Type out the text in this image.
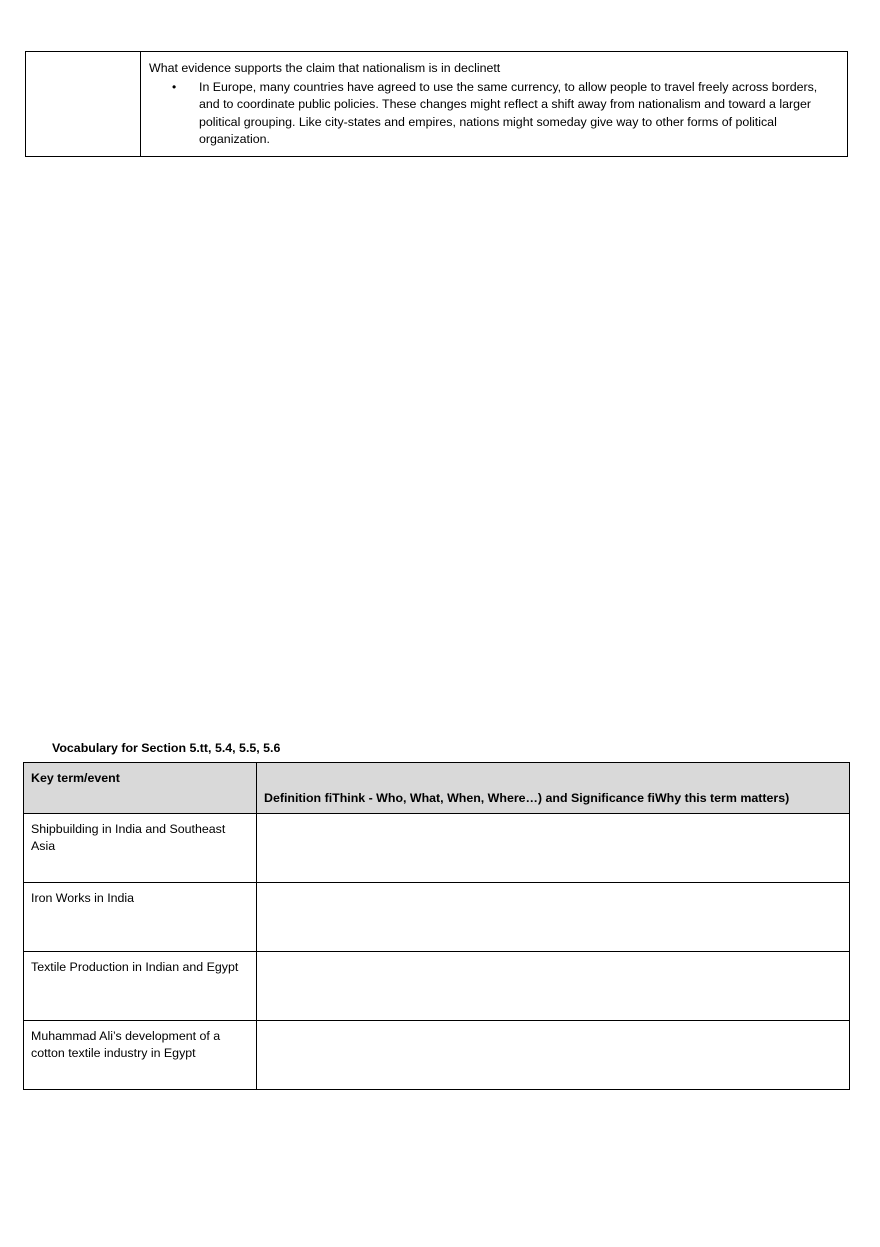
What evidence supports the claim that nationalism is in declinett

•	In Europe, many countries have agreed to use the same currency, to allow people to travel freely across borders, and to coordinate public policies. These changes might reflect a shift away from nationalism and toward a larger political grouping. Like city-states and empires, nations might someday give way to other forms of political organization.
Vocabulary for Section 5.tt, 5.4, 5.5, 5.6
Key term/event	Definition fiThink - Who, What, When, Where…) and Significance fiWhy this term matters)
Shipbuilding in India and Southeast Asia	
Iron Works in India	
Textile Production in Indian and Egypt	
Muhammad Ali’s development of a cotton textile industry in Egypt	
